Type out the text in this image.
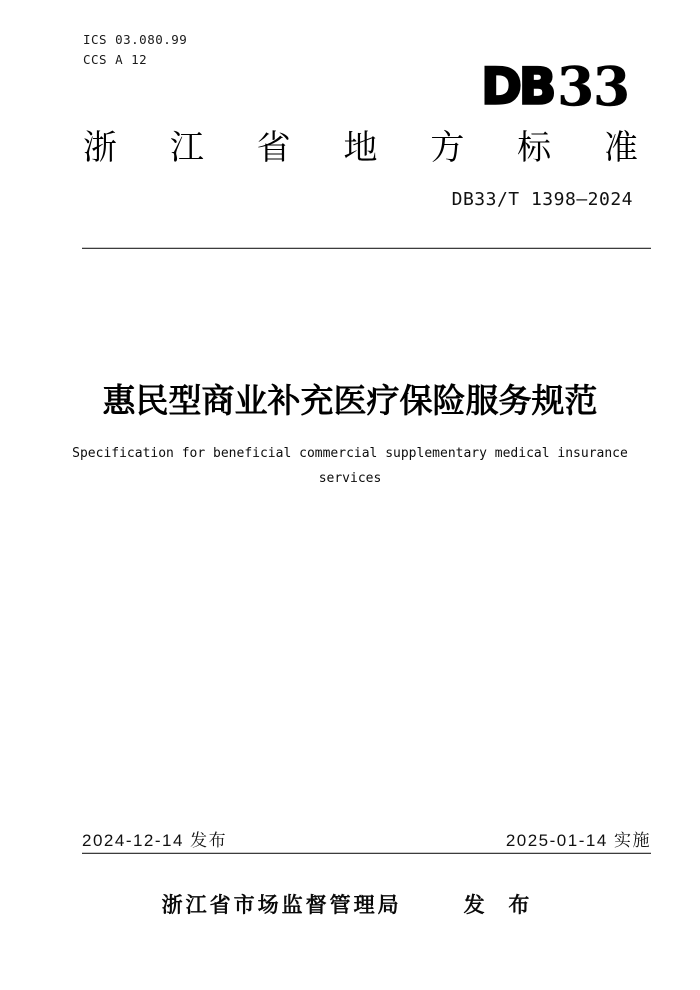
ICS 03.080.99
CCS A 12	DB 33
浙 江 省 地 方 标 准
DB33/T 1398—2024
惠民型商业补充医疗保险服务规范
Specification for beneficial commercial supplementary medical insurance
services
2024-12-14 发布	2025-01-14 实施
浙江省市场监督管理局	发 布
